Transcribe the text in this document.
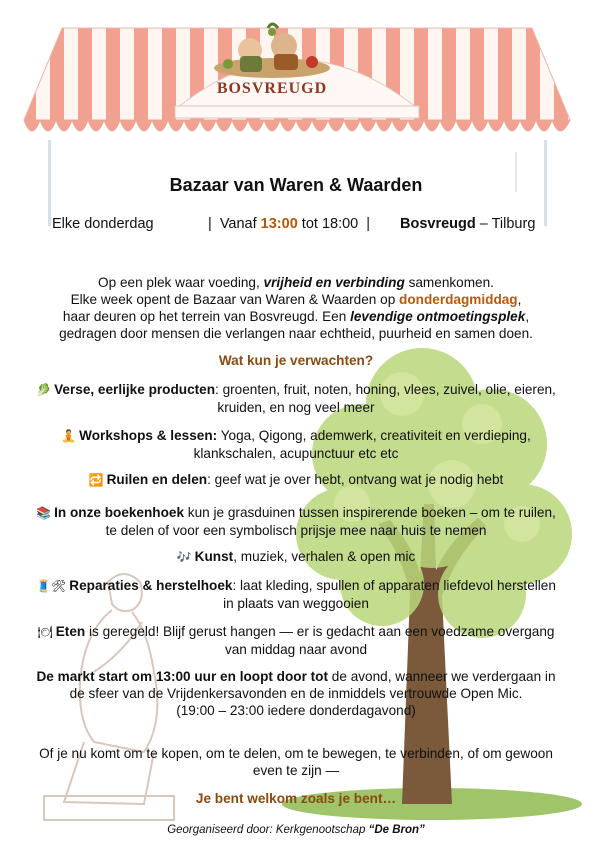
BOSVREUGD
Bazaar van Waren & Waarden
Elke donderdag	|  Vanaf 13:00 tot 18:00  | Bosvreugd – Tilburg
Op een plek waar voeding, vrijheid en verbinding samenkomen.
Elke week opent de Bazaar van Waren & Waarden op donderdagmiddag,
haar deuren op het terrein van Bosvreugd. Een levendige ontmoetingsplek,
gedragen door mensen die verlangen naar echtheid, puurheid en samen doen.
Wat kun je verwachten?
🥬 Verse, eerlijke producten: groenten, fruit, noten, honing, vlees, zuivel, olie, eieren, kruiden, en nog veel meer
🧘 Workshops & lessen: Yoga, Qigong, ademwerk, creativiteit en verdieping, klankschalen, acupunctuur etc etc
🔁 Ruilen en delen: geef wat je over hebt, ontvang wat je nodig hebt
📚 In onze boekenhoek kun je grasduinen tussen inspirerende boeken – om te ruilen, te delen of voor een symbolisch prijsje mee naar huis te nemen
🎶 Kunst, muziek, verhalen & open mic
🧵🛠 Reparaties & herstelhoek: laat kleding, spullen of apparaten liefdevol herstellen in plaats van weggooien
🍽 Eten is geregeld! Blijf gerust hangen — er is gedacht aan een voedzame overgang van middag naar avond
De markt start om 13:00 uur en loopt door tot de avond, wanneer we verdergaan in de sfeer van de Vrijdenkersavonden en de inmiddels vertrouwde Open Mic.
(19:00 – 23:00 iedere donderdagavond)
Of je nu komt om te kopen, om te delen, om te bewegen, te verbinden, of om gewoon even te zijn —
Je bent welkom zoals je bent…
Georganiseerd door: Kerkgenootschap “De Bron”
